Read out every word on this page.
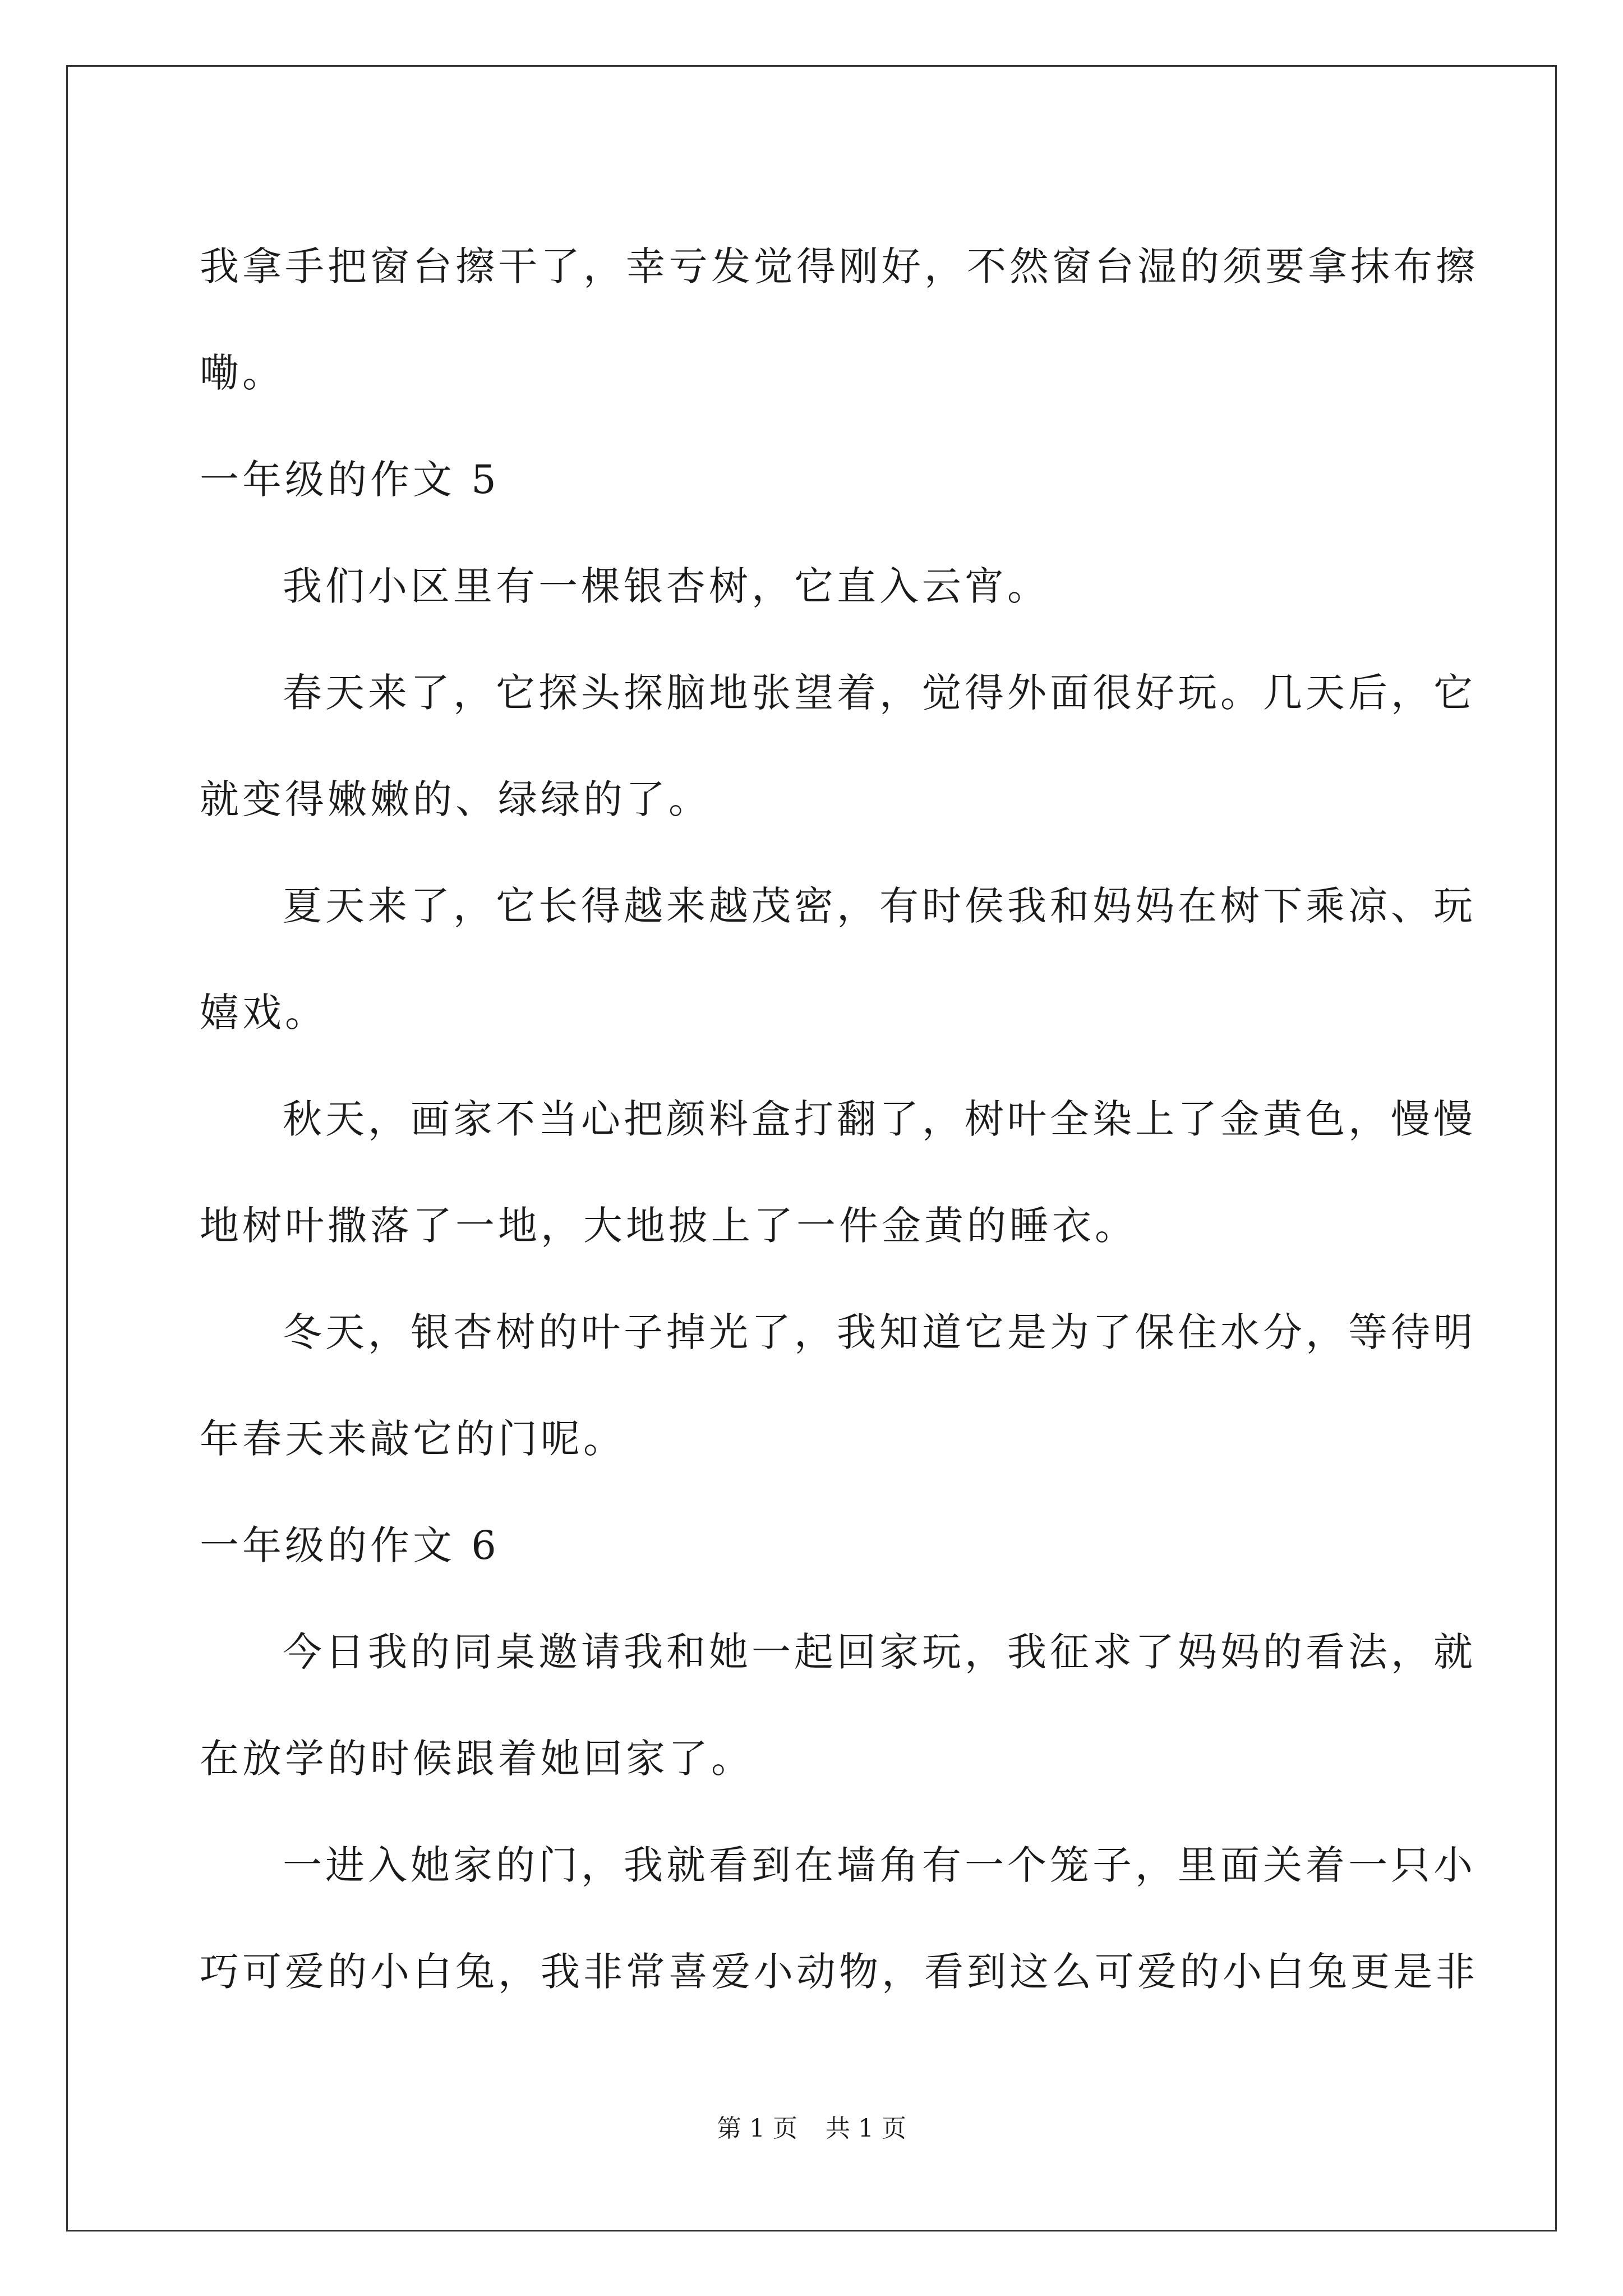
我拿手把窗台擦干了，幸亏发觉得刚好，不然窗台湿的须要拿抹布擦
嘞。
一年级的作文 5
我们小区里有一棵银杏树，它直入云宵。
春天来了，它探头探脑地张望着，觉得外面很好玩。几天后，它
就变得嫩嫩的、绿绿的了。
夏天来了，它长得越来越茂密，有时侯我和妈妈在树下乘凉、玩
嬉戏。
秋天，画家不当心把颜料盒打翻了，树叶全染上了金黄色，慢慢
地树叶撒落了一地，大地披上了一件金黄的睡衣。
冬天，银杏树的叶子掉光了，我知道它是为了保住水分，等待明
年春天来敲它的门呢。
一年级的作文 6
今日我的同桌邀请我和她一起回家玩，我征求了妈妈的看法，就
在放学的时候跟着她回家了。
一进入她家的门，我就看到在墙角有一个笼子，里面关着一只小
巧可爱的小白兔，我非常喜爱小动物，看到这么可爱的小白兔更是非
第 1 页 共 1 页
